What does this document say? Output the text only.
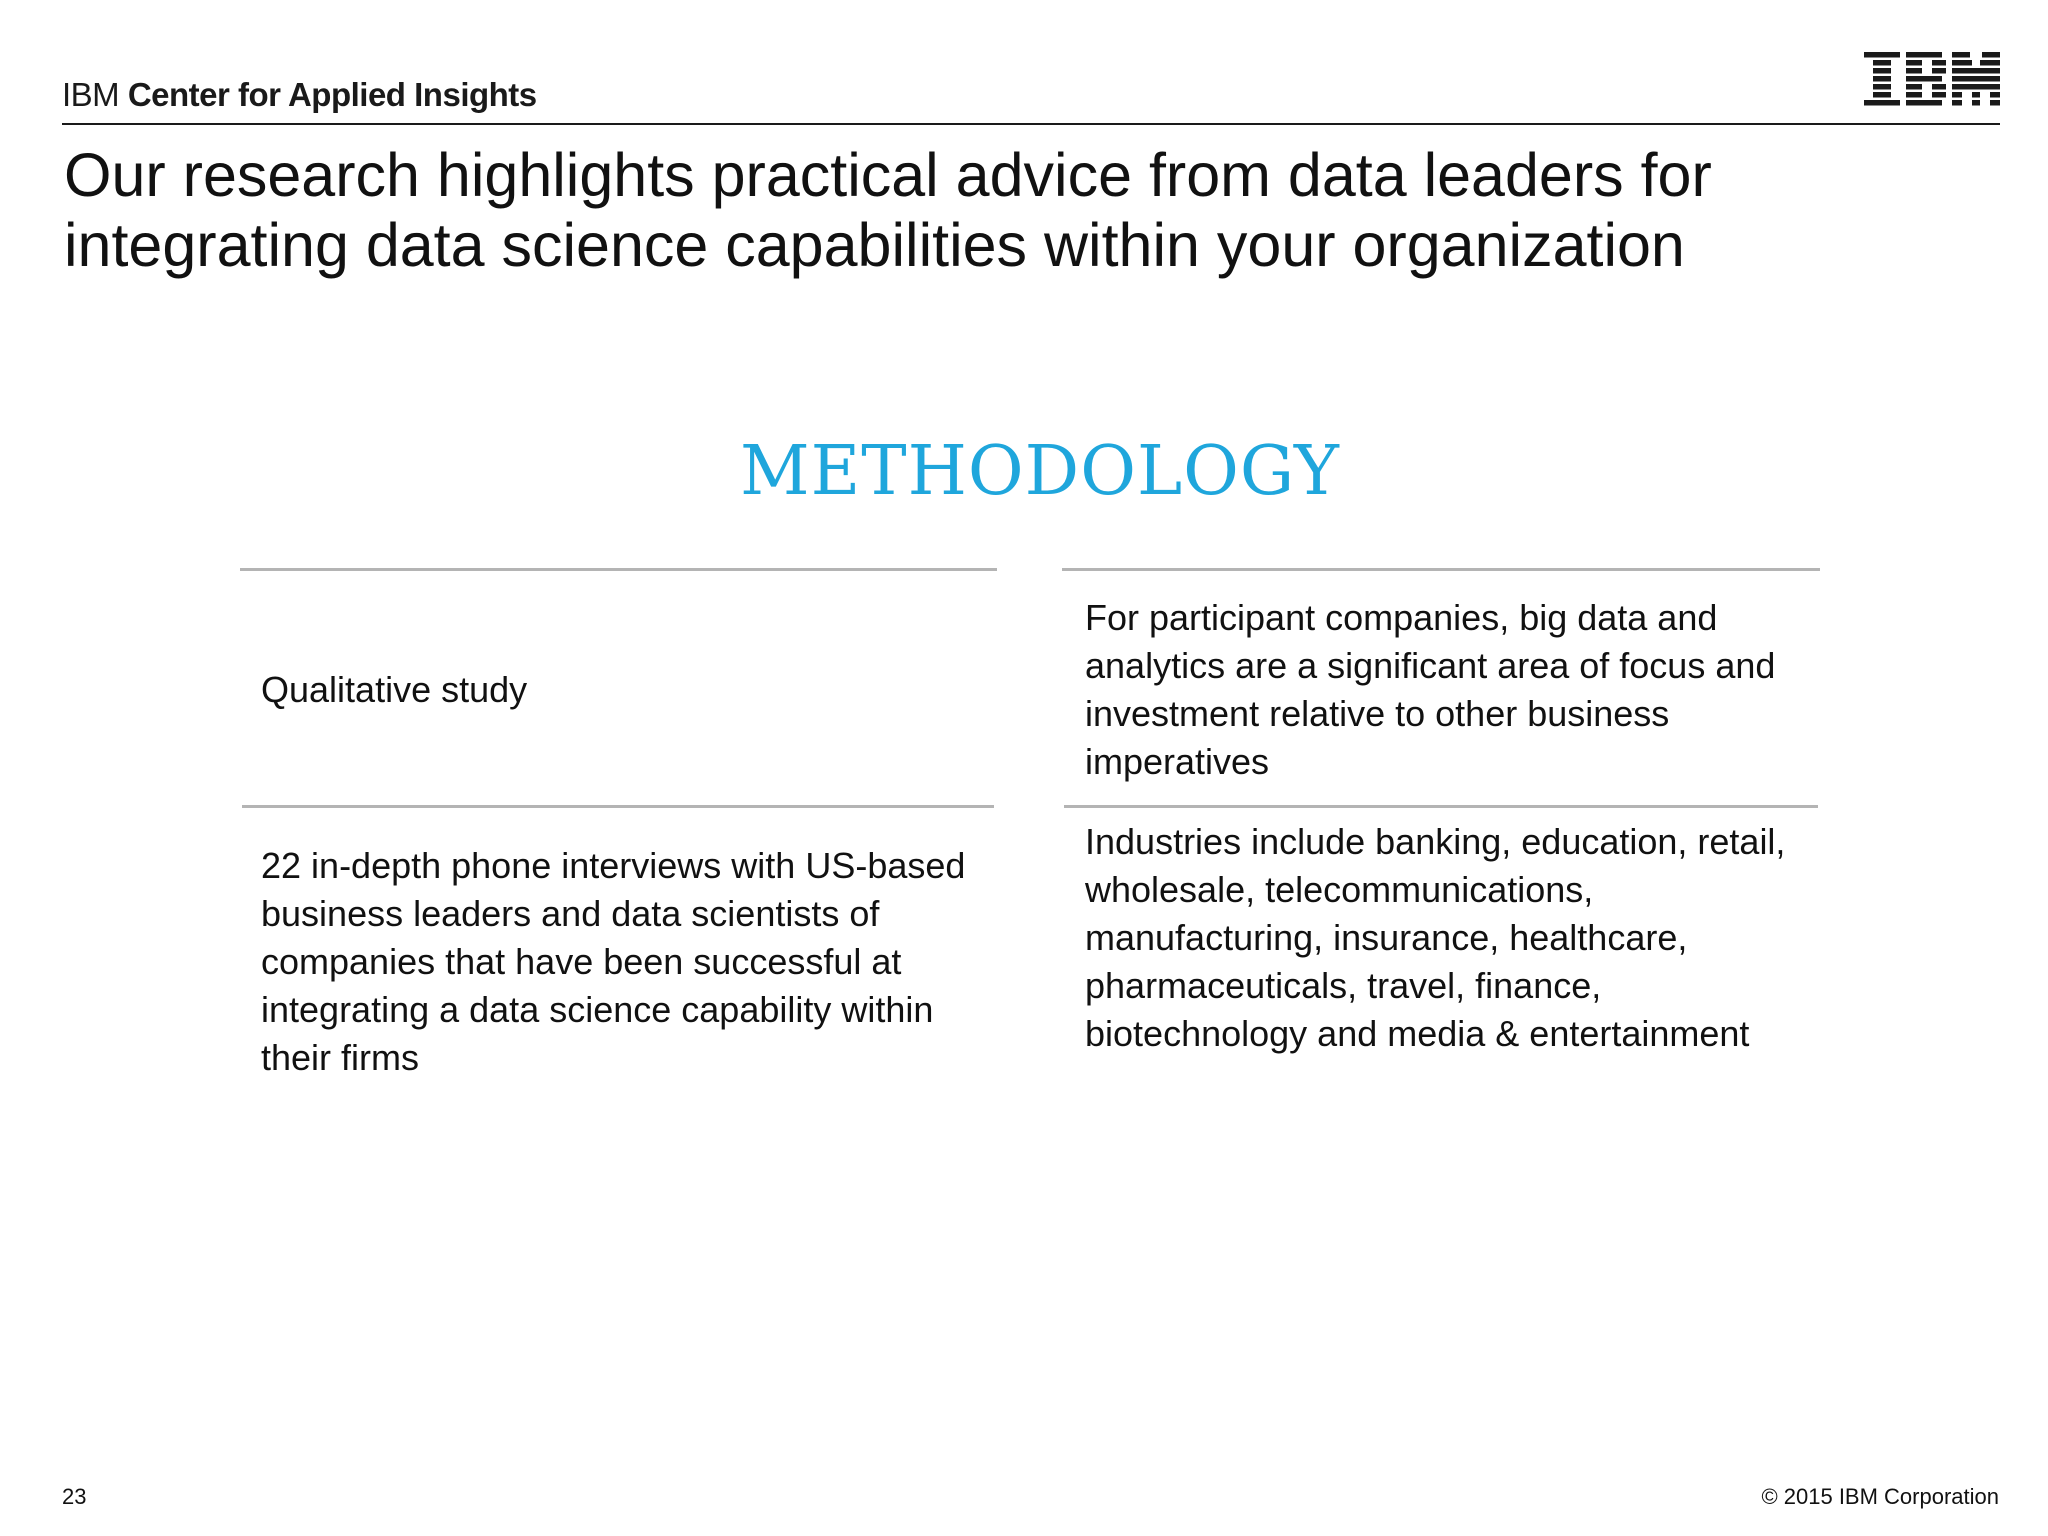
IBM Center for Applied Insights
Our research highlights practical advice from data leaders for integrating data science capabilities within your organization
METHODOLOGY
Qualitative study
22 in-depth phone interviews with US-based business leaders and data scientists of companies that have been successful at integrating a data science capability within their firms
For participant companies, big data and analytics are a significant area of focus and investment relative to other business imperatives
Industries include banking, education, retail, wholesale, telecommunications, manufacturing, insurance, healthcare, pharmaceuticals, travel, finance, biotechnology and media & entertainment
23	© 2015 IBM Corporation
